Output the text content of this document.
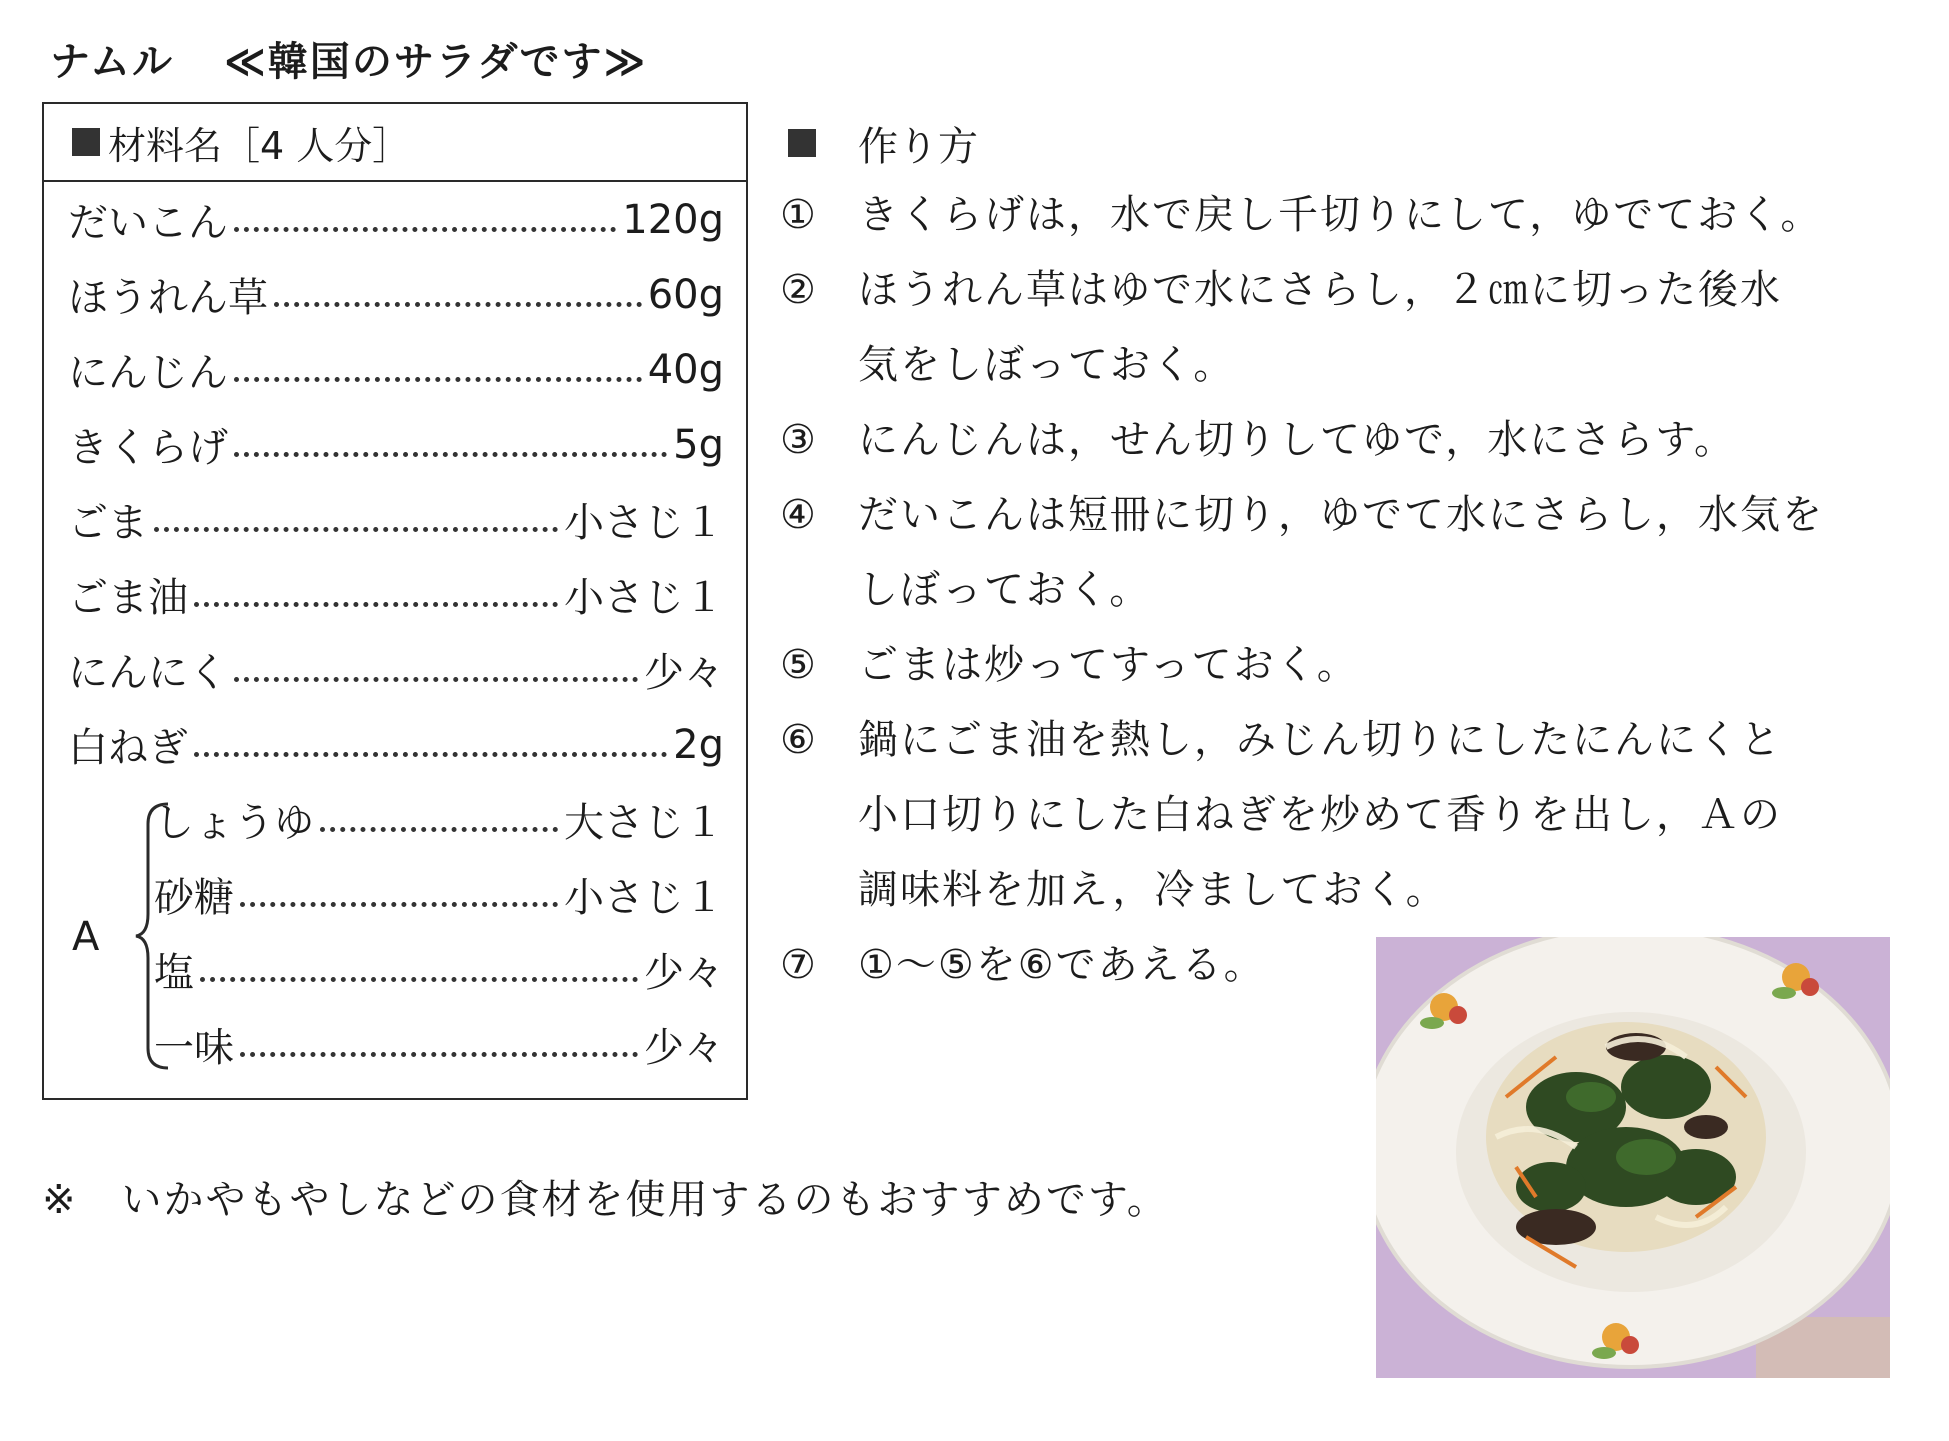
ナムル ≪韓国のサラダです≫
材料名［4 人分］
だいこん	120g
ほうれん草	60g
にんじん	40g
きくらげ	5g
ごま	小さじ１
ごま油	小さじ１
にんにく	少々
白ねぎ	2g
しょうゆ	大さじ１
砂糖	小さじ１
塩	少々
一味	少々
A
作り方
①	きくらげは，水で戻し千切りにして，ゆでておく。
②	ほうれん草はゆで水にさらし，２㎝に切った後水
気をしぼっておく。
③	にんじんは，せん切りしてゆで，水にさらす。
④	だいこんは短冊に切り，ゆでて水にさらし，水気を
しぼっておく。
⑤	ごまは炒ってすっておく。
⑥	鍋にごま油を熱し，みじん切りにしたにんにくと
小口切りにした白ねぎを炒めて香りを出し，Ａの
調味料を加え，冷ましておく。
⑦	①～⑤を⑥であえる。
※ いかやもやしなどの食材を使用するのもおすすめです。
